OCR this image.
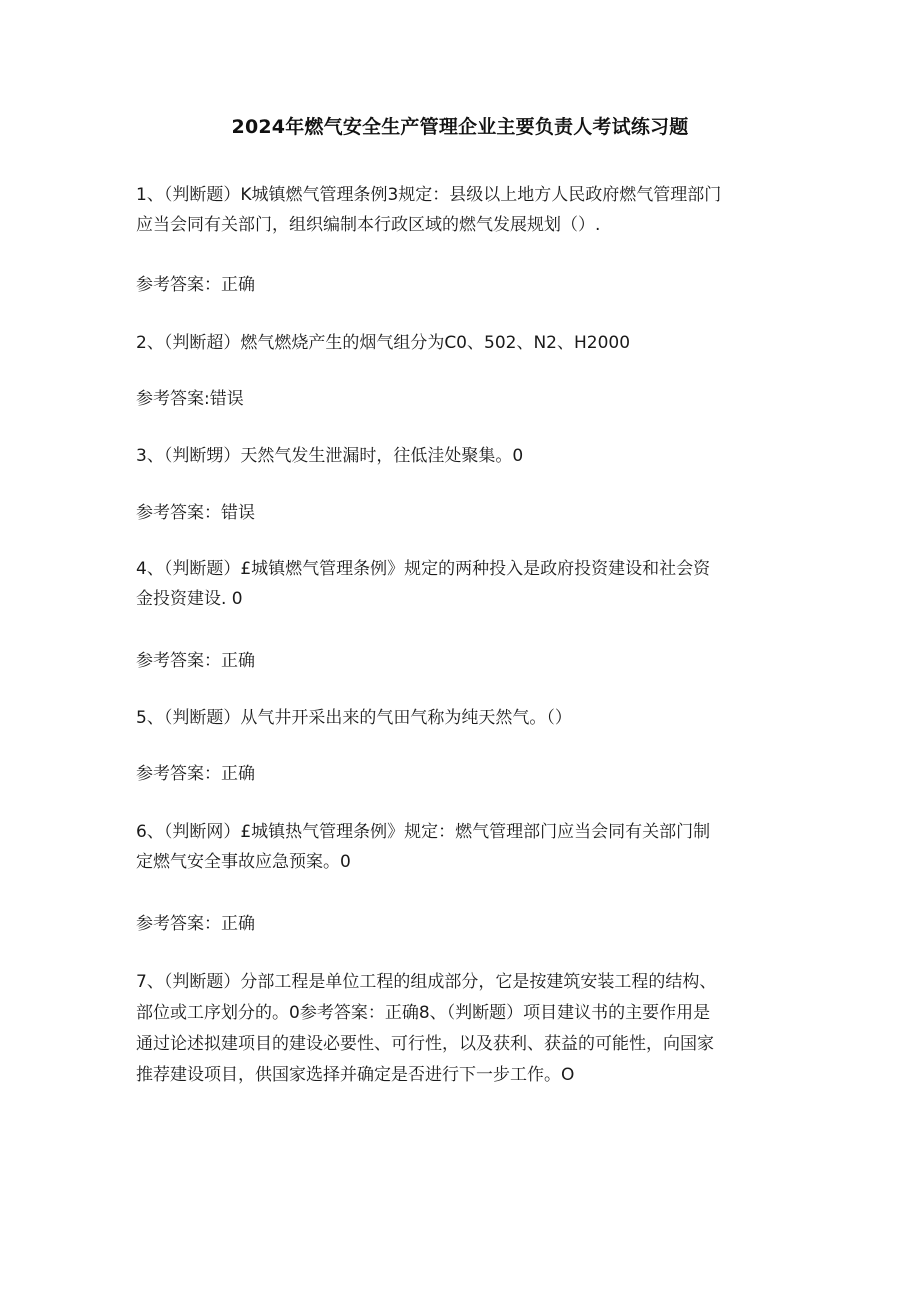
2024年燃气安全生产管理企业主要负责人考试练习题
1、（判断题）K城镇燃气管理条例3规定：县级以上地方人民政府燃气管理部门
应当会同有关部门，组织编制本行政区域的燃气发展规划（）.
参考答案：正确
2、（判断超）燃气燃烧产生的烟气组分为C0、502、N2、H2000
参考答案:错误
3、（判断甥）天然气发生泄漏时，往低洼处聚集。0
参考答案：错误
4、（判断题）£城镇燃气管理条例》规定的两种投入是政府投资建设和社会资
金投资建设. 0
参考答案：正确
5、（判断题）从气井开采出来的气田气称为纯天然气。（）
参考答案：正确
6、（判断网）£城镇热气管理条例》规定：燃气管理部门应当会同有关部门制
定燃气安全事故应急预案。0
参考答案：正确
7、（判断题）分部工程是单位工程的组成部分，它是按建筑安装工程的结构、
部位或工序划分的。0参考答案：正确8、（判断题）项目建议书的主要作用是
通过论述拟建项目的建设必要性、可行性，以及获利、获益的可能性，向国家
推荐建设项目，供国家选择并确定是否进行下一步工作。O
